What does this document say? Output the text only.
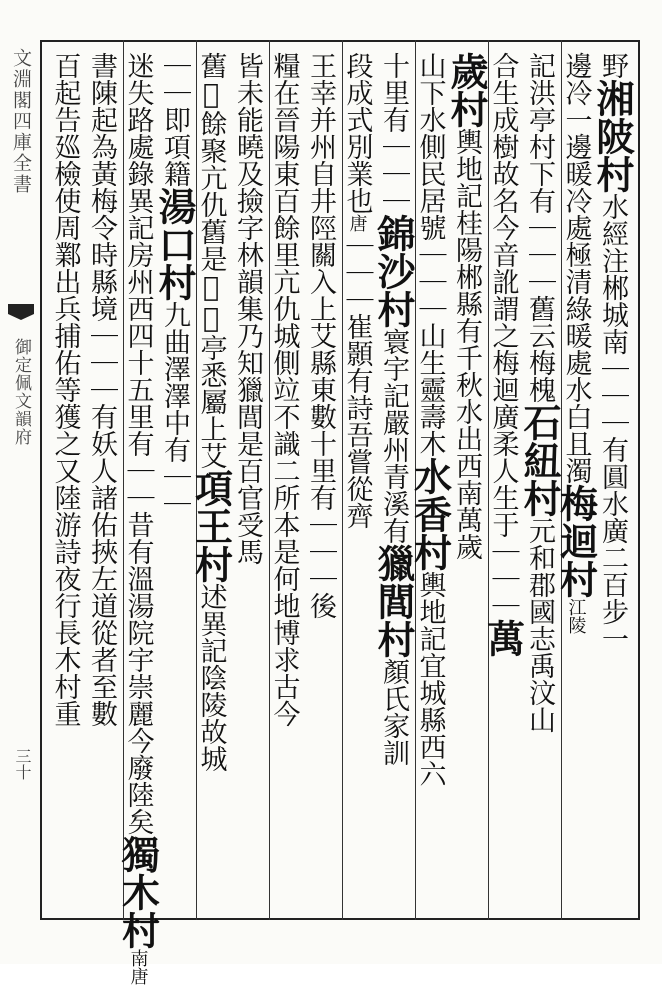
文淵閣四庫全書
御定佩文韻府
三十
野湘陂村水經注郴城南｜｜｜有圓水廣二百步一
邊冷一邊暖冷處極清綠暖處水白且濁梅迴村江陵
記洪亭村下有｜｜｜舊云梅槐石紐村元和郡國志禹汶山
合生成樹故名今音訛謂之梅迴廣柔人生于｜｜｜萬
歲村輿地記桂陽郴縣有千秋水出西南萬歲
山下水側民居號｜｜｜山生靈壽木水香村輿地記宜城縣西六
十里有｜｜｜錦沙村寰宇記嚴州青溪有獵閭村顏氏家訓
段成式別業也唐｜｜｜崔顥有詩吾嘗從齊
王幸并州自井陘關入上艾縣東數十里有｜｜｜後
糧在晉陽東百餘里亢仇城側竝不識二所本是何地博求古今
皆未能曉及撿字林韻集乃知獵閭是百官受馬
舊𤜭餘聚亢仇舊是𥨏𥛔亭悉屬上艾項王村述異記陰陵故城
｜｜即項籍湯口村九曲澤澤中有｜｜
迷失路處錄異記房州西四十五里有｜｜昔有溫湯院宇崇麗今廢陸矣獨木村南唐
書陳起為黃梅令時縣境｜｜｜有妖人諸佑挾左道從者至數
百起告廵檢使周鄴出兵捕佑等獲之又陸游詩夜行長木村重
